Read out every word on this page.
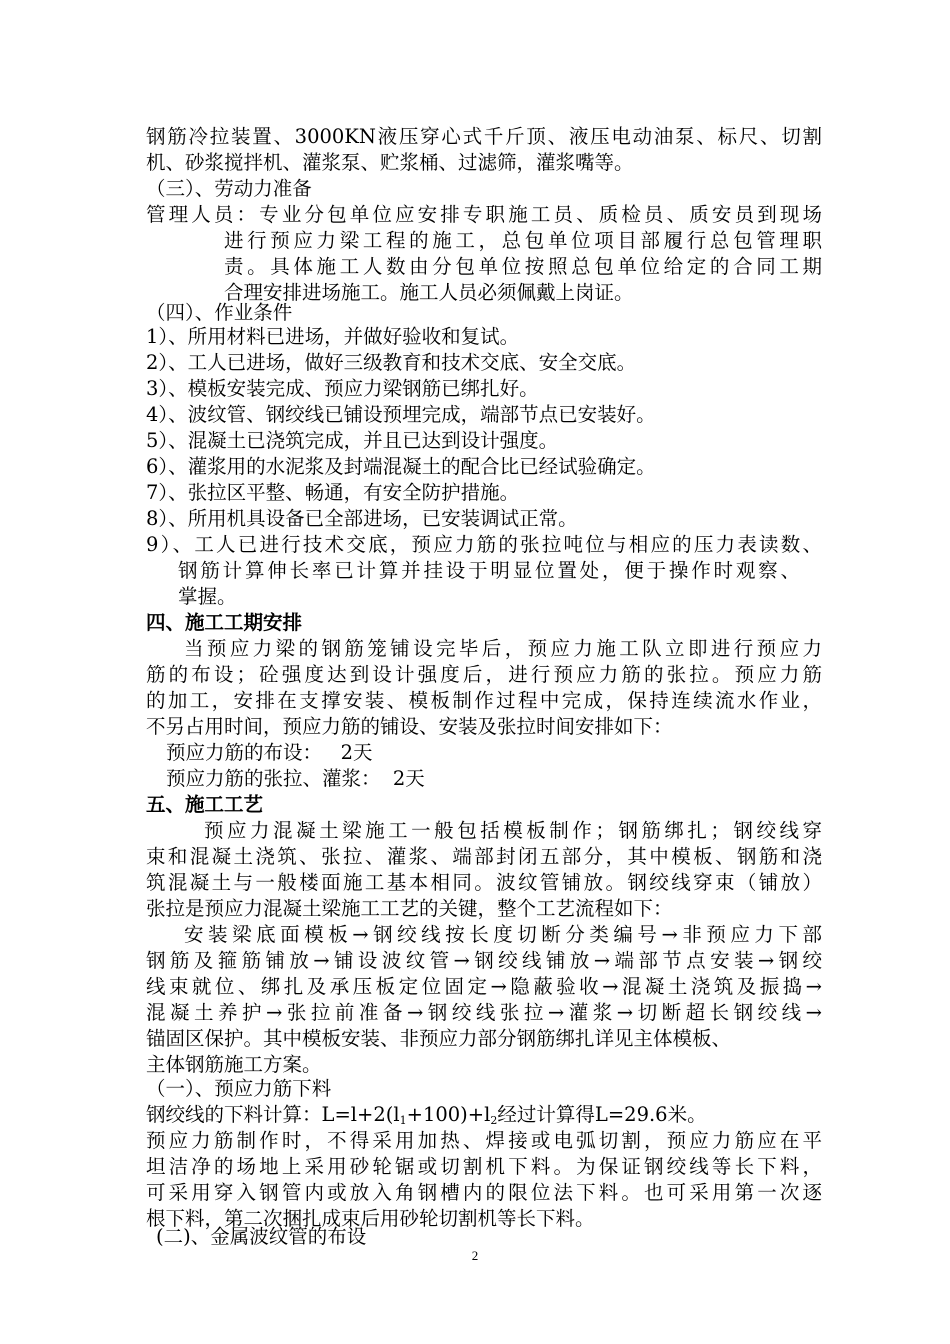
钢筋冷拉装置、3000KN液压穿心式千斤顶、液压电动油泵、标尺、切割
机、砂浆搅拌机、灌浆泵、贮浆桶、过滤筛，灌浆嘴等。
（三）、劳动力准备
管理人员：专业分包单位应安排专职施工员、质检员、质安员到现场
进行预应力梁工程的施工，总包单位项目部履行总包管理职
责。具体施工人数由分包单位按照总包单位给定的合同工期
合理安排进场施工。施工人员必须佩戴上岗证。
（四）、作业条件
1）、所用材料已进场，并做好验收和复试。
2）、工人已进场，做好三级教育和技术交底、安全交底。
3）、模板安装完成、预应力梁钢筋已绑扎好。
4）、波纹管、钢绞线已铺设预埋完成，端部节点已安装好。
5）、混凝土已浇筑完成，并且已达到设计强度。
6）、灌浆用的水泥浆及封端混凝土的配合比已经试验确定。
7）、张拉区平整、畅通，有安全防护措施。
8）、所用机具设备已全部进场，已安装调试正常。
9）、工人已进行技术交底，预应力筋的张拉吨位与相应的压力表读数、
钢筋计算伸长率已计算并挂设于明显位置处，便于操作时观察、
掌握。
四、施工工期安排
当预应力梁的钢筋笼铺设完毕后，预应力施工队立即进行预应力
筋的布设；砼强度达到设计强度后，进行预应力筋的张拉。预应力筋
的加工，安排在支撑安装、模板制作过程中完成，保持连续流水作业，
不另占用时间，预应力筋的铺设、安装及张拉时间安排如下：
预应力筋的布设：   2天
预应力筋的张拉、灌浆：  2天
五、施工工艺
预应力混凝土梁施工一般包括模板制作；钢筋绑扎；钢绞线穿
束和混凝土浇筑、张拉、灌浆、端部封闭五部分，其中模板、钢筋和浇
筑混凝土与一般楼面施工基本相同。波纹管铺放。钢绞线穿束（铺放）
张拉是预应力混凝土梁施工工艺的关键，整个工艺流程如下：
安装梁底面模板→钢绞线按长度切断分类编号→非预应力下部
钢筋及箍筋铺放→铺设波纹管→钢绞线铺放→端部节点安装→钢绞
线束就位、绑扎及承压板定位固定→隐蔽验收→混凝土浇筑及振捣→
混凝土养护→张拉前准备→钢绞线张拉→灌浆→切断超长钢绞线→
锚固区保护。其中模板安装、非预应力部分钢筋绑扎详见主体模板、
主体钢筋施工方案。
（一）、预应力筋下料
钢绞线的下料计算：$L=l+2(l_1+100)+l_2$经过计算得L=29.6米。
预应力筋制作时，不得采用加热、焊接或电弧切割，预应力筋应在平
坦洁净的场地上采用砂轮锯或切割机下料。为保证钢绞线等长下料，
可采用穿入钢管内或放入角钢槽内的限位法下料。也可采用第一次逐
根下料，第二次捆扎成束后用砂轮切割机等长下料。
(二)、金属波纹管的布设
2
